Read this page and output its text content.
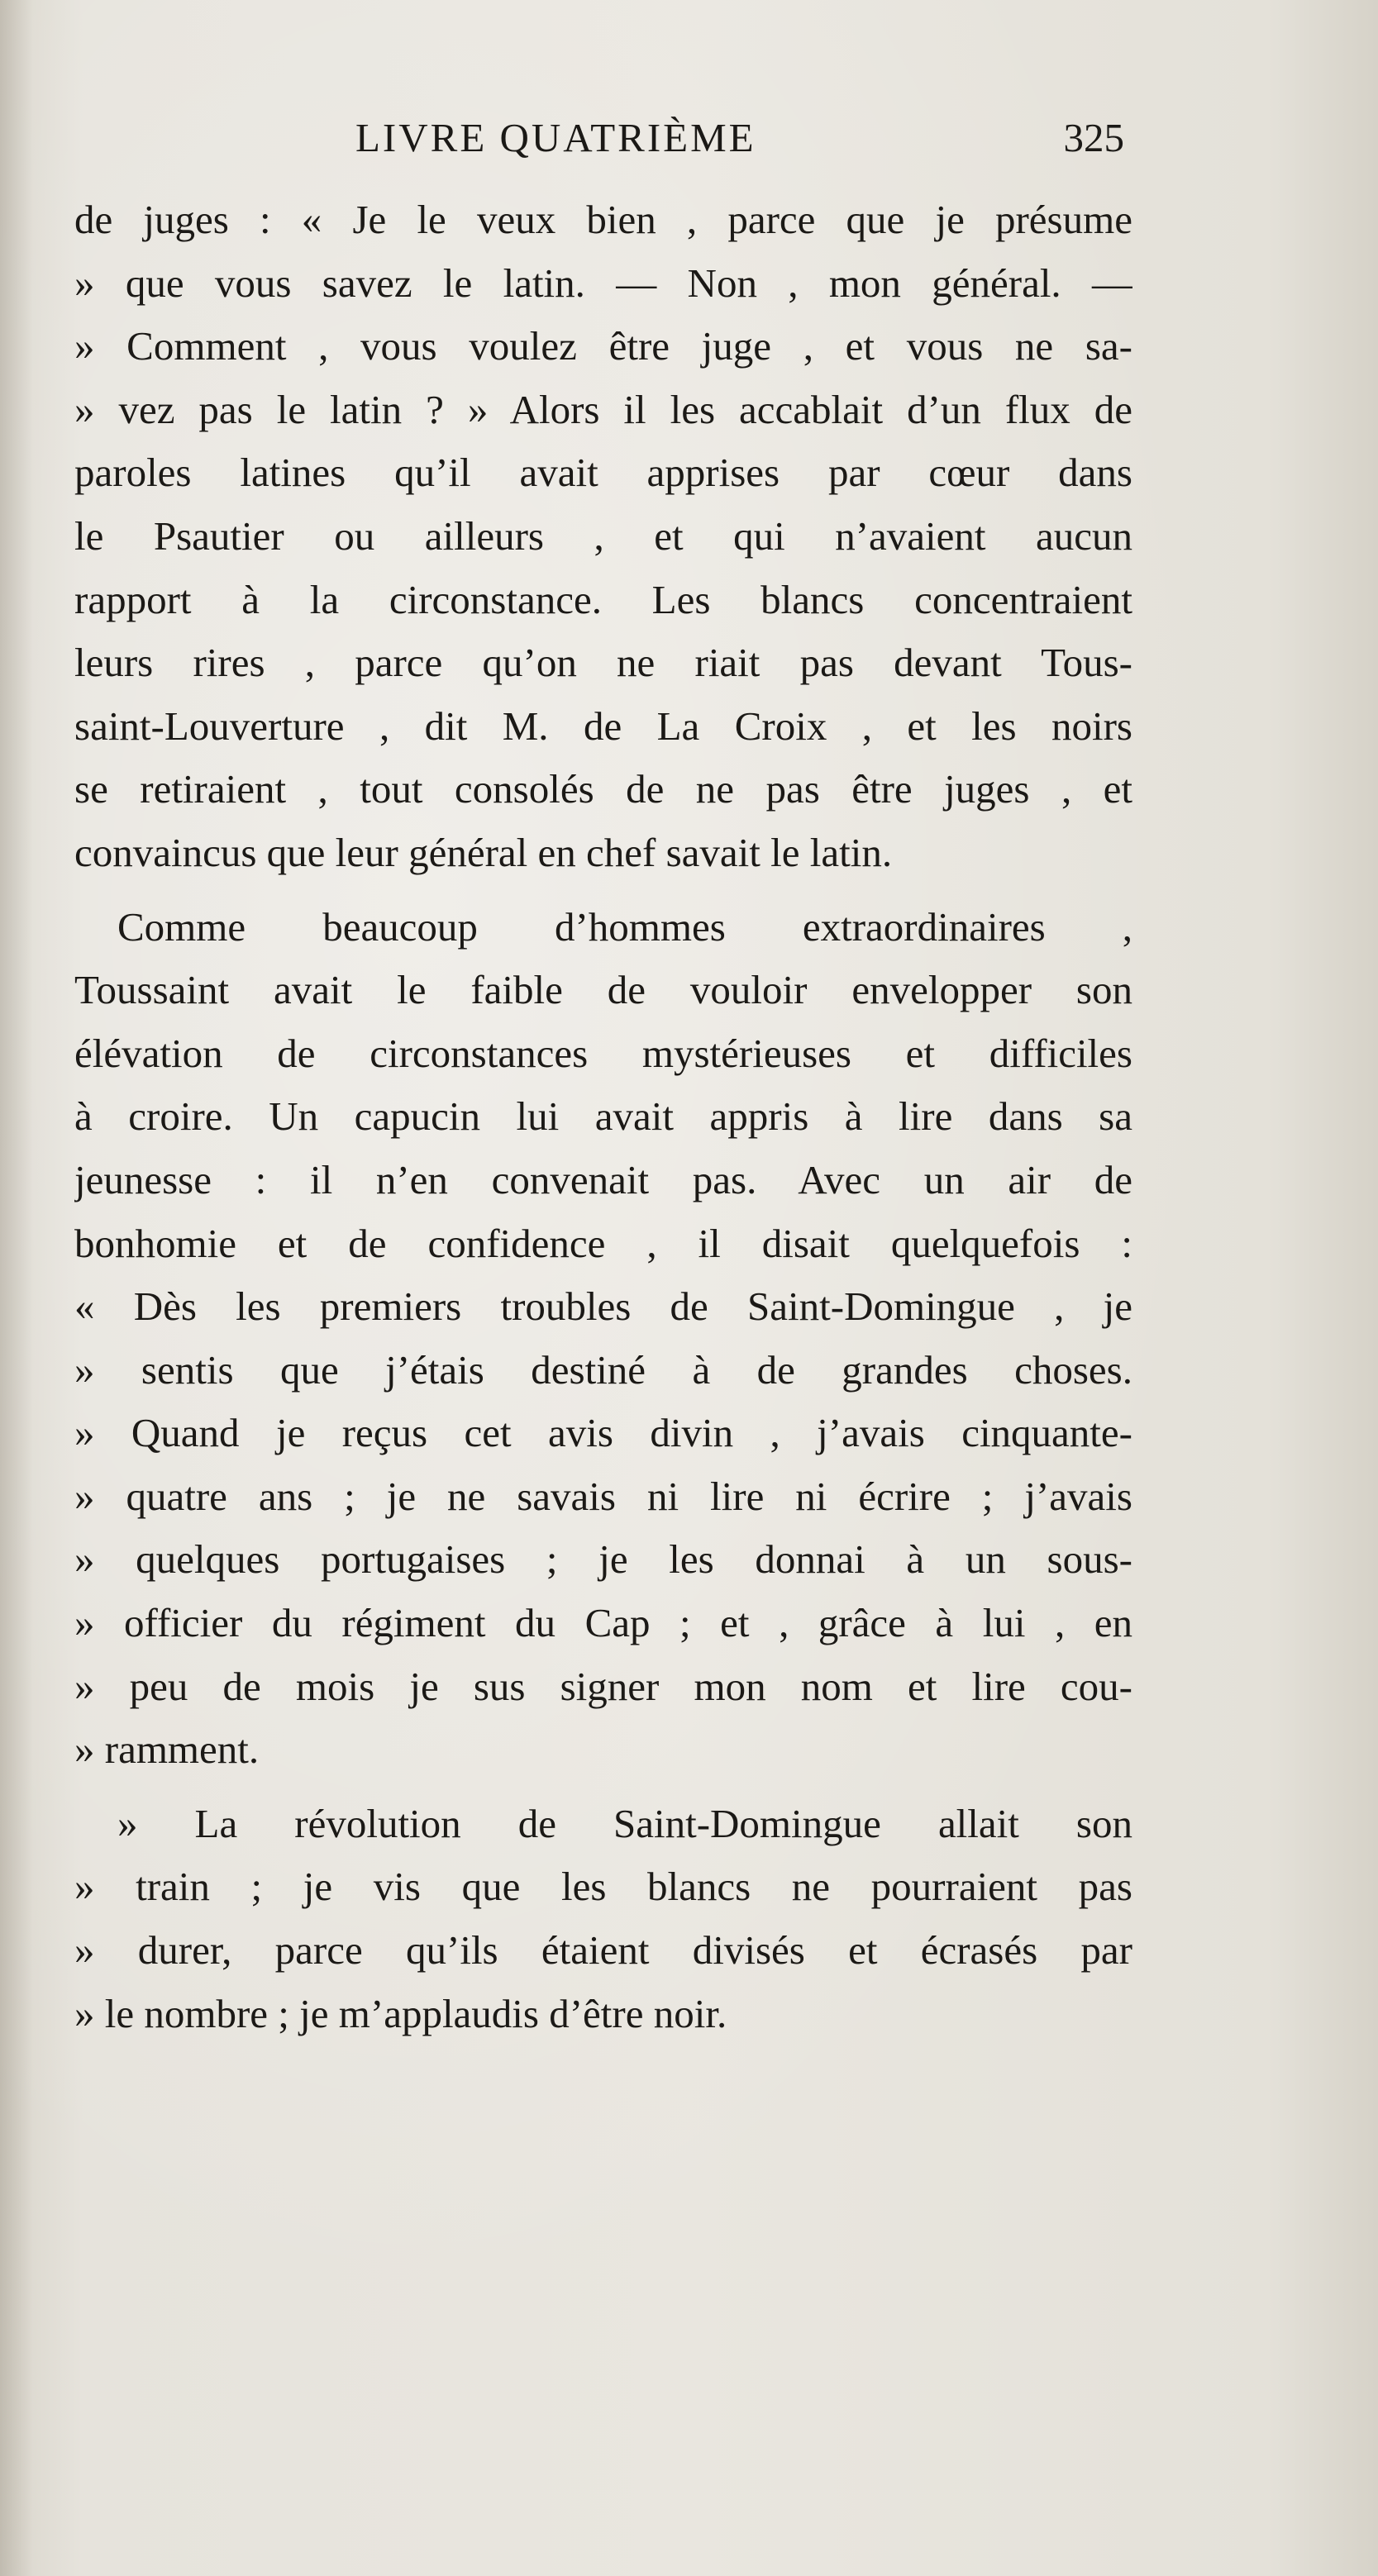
LIVRE QUATRIÈME	325
de juges : « Je le veux bien , parce que je présume
» que vous savez le latin. — Non , mon général. —
» Comment , vous voulez être juge , et vous ne sa-
» vez pas le latin ? » Alors il les accablait d’un flux de
paroles latines qu’il avait apprises par cœur dans
le Psautier ou ailleurs , et qui n’avaient aucun
rapport à la circonstance. Les blancs concentraient
leurs rires , parce qu’on ne riait pas devant Tous-
saint-Louverture , dit M. de La Croix , et les noirs
se retiraient , tout consolés de ne pas être juges , et
convaincus que leur général en chef savait le latin.
Comme beaucoup d’hommes extraordinaires ,
Toussaint avait le faible de vouloir envelopper son
élévation de circonstances mystérieuses et difficiles
à croire. Un capucin lui avait appris à lire dans sa
jeunesse : il n’en convenait pas. Avec un air de
bonhomie et de confidence , il disait quelquefois :
« Dès les premiers troubles de Saint-Domingue , je
» sentis que j’étais destiné à de grandes choses.
» Quand je reçus cet avis divin , j’avais cinquante-
» quatre ans ; je ne savais ni lire ni écrire ; j’avais
» quelques portugaises ; je les donnai à un sous-
» officier du régiment du Cap ; et , grâce à lui , en
» peu de mois je sus signer mon nom et lire cou-
» ramment.
» La révolution de Saint-Domingue allait son
» train ; je vis que les blancs ne pourraient pas
» durer, parce qu’ils étaient divisés et écrasés par
» le nombre ; je m’applaudis d’être noir.
